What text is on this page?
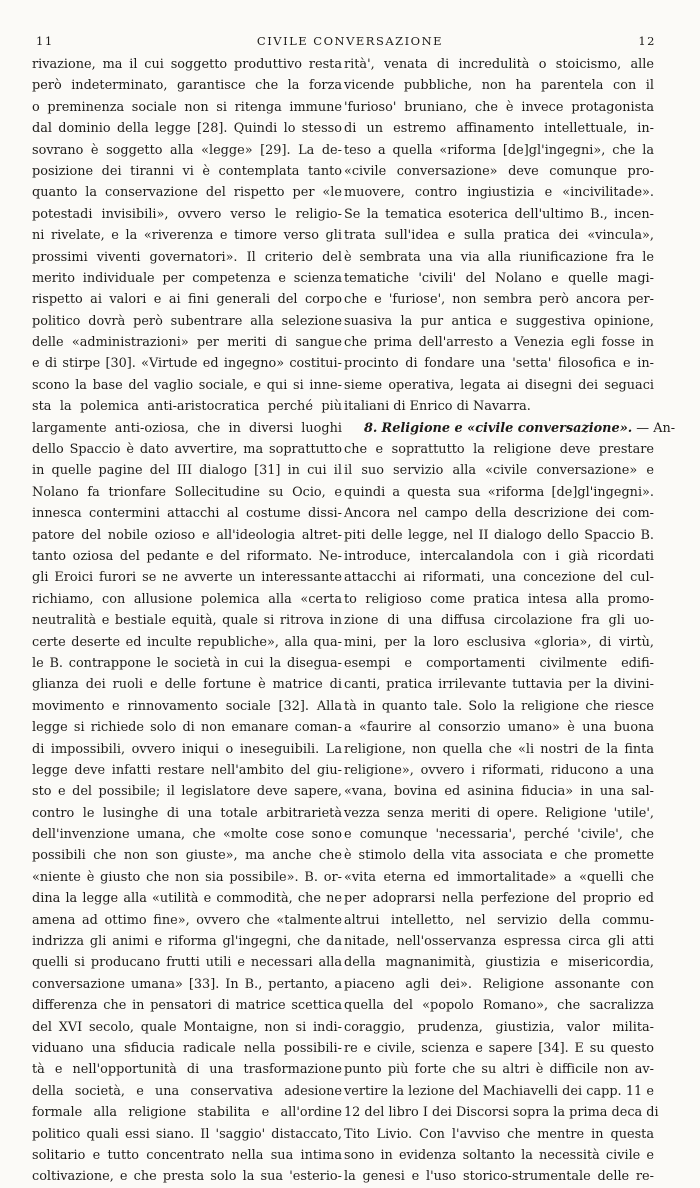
11	CIVILE CONVERSAZIONE	12
rivazione, ma il cui soggetto produttivo resta
però indeterminato, garantisce che la forza
o preminenza sociale non si ritenga immune
dal dominio della legge [28]. Quindi lo stesso
sovrano è soggetto alla «legge» [29]. La de-
posizione dei tiranni vi è contemplata tanto
quanto la conservazione del rispetto per «le
potestadi invisibili», ovvero verso le religio-
ni rivelate, e la «riverenza e timore verso gli
prossimi viventi governatori». Il criterio del
merito individuale per competenza e scienza
rispetto ai valori e ai fini generali del corpo
politico dovrà però subentrare alla selezione
delle «administrazioni» per meriti di sangue
e di stirpe [30]. «Virtude ed ingegno» costitui-
scono la base del vaglio sociale, e qui si inne-
sta la polemica anti-aristocratica perché più
largamente anti-oziosa, che in diversi luoghi
dello Spaccio è dato avvertire, ma soprattutto
in quelle pagine del III dialogo [31] in cui il
Nolano fa trionfare Sollecitudine su Ocio, e
innesca contermini attacchi al costume dissi-
patore del nobile ozioso e all'ideologia altret-
tanto oziosa del pedante e del riformato. Ne-
gli Eroici furori se ne avverte un interessante
richiamo, con allusione polemica alla «certa
neutralità e bestiale equità, quale si ritrova in
certe deserte ed inculte republiche», alla qua-
le B. contrappone le società in cui la disegua-
glianza dei ruoli e delle fortune è matrice di
movimento e rinnovamento sociale [32]. Alla
legge si richiede solo di non emanare coman-
di impossibili, ovvero iniqui o ineseguibili. La
legge deve infatti restare nell'ambito del giu-
sto e del possibile; il legislatore deve sapere,
contro le lusinghe di una totale arbitrarietà
dell'invenzione umana, che «molte cose sono
possibili che non son giuste», ma anche che
«niente è giusto che non sia possibile». B. or-
dina la legge alla «utilità e commodità, che ne
amena ad ottimo fine», ovvero che «talmente
indrizza gli animi e riforma gl'ingegni, che da
quelli si producano frutti utili e necessari alla
conversazione umana» [33]. In B., pertanto, a
differenza che in pensatori di matrice scettica
del XVI secolo, quale Montaigne, non si indi-
viduano una sfiducia radicale nella possibili-
tà e nell'opportunità di una trasformazione
della società, e una conservativa adesione
formale alla religione stabilita e all'ordine
politico quali essi siano. Il 'saggio' distaccato,
solitario e tutto concentrato nella sua intima
coltivazione, e che presta solo la sua 'esterio-
rità', venata di incredulità o stoicismo, alle
vicende pubbliche, non ha parentela con il
'furioso' bruniano, che è invece protagonista
di un estremo affinamento intellettuale, in-
teso a quella «riforma [de]gl'ingegni», che la
«civile conversazione» deve comunque pro-
muovere, contro ingiustizia e «incivilitade».
Se la tematica esoterica dell'ultimo B., incen-
trata sull'idea e sulla pratica dei «vincula»,
è sembrata una via alla riunificazione fra le
tematiche 'civili' del Nolano e quelle magi-
che e 'furiose', non sembra però ancora per-
suasiva la pur antica e suggestiva opinione,
che prima dell'arresto a Venezia egli fosse in
procinto di fondare una 'setta' filosofica e in-
sieme operativa, legata ai disegni dei seguaci
italiani di Enrico di Navarra.
8. Religione e «civile conversazione». — An-
che e soprattutto la religione deve prestare
il suo servizio alla «civile conversazione» e
quindi a questa sua «riforma [de]gl'ingegni».
Ancora nel campo della descrizione dei com-
piti delle legge, nel II dialogo dello Spaccio B.
introduce, intercalandola con i già ricordati
attacchi ai riformati, una concezione del cul-
to religioso come pratica intesa alla promo-
zione di una diffusa circolazione fra gli uo-
mini, per la loro esclusiva «gloria», di virtù,
esempi e comportamenti civilmente edifi-
canti, pratica irrilevante tuttavia per la divini-
tà in quanto tale. Solo la religione che riesce
a «faurire al consorzio umano» è una buona
religione, non quella che «li nostri de la finta
religione», ovvero i riformati, riducono a una
«vana, bovina ed asinina fiducia» in una sal-
vezza senza meriti di opere. Religione 'utile',
e comunque 'necessaria', perché 'civile', che
è stimolo della vita associata e che promette
«vita eterna ed immortalitade» a «quelli che
per adoprarsi nella perfezione del proprio ed
altrui intelletto, nel servizio della commu-
nitade, nell'osservanza espressa circa gli atti
della magnanimità, giustizia e misericordia,
piaceno agli dei». Religione assonante con
quella del «popolo Romano», che sacralizza
coraggio, prudenza, giustizia, valor milita-
re e civile, scienza e sapere [34]. E su questo
punto più forte che su altri è difficile non av-
vertire la lezione del Machiavelli dei capp. 11 e
12 del libro I dei Discorsi sopra la prima deca di
Tito Livio. Con l'avviso che mentre in questa
sono in evidenza soltanto la necessità civile e
la genesi e l'uso storico-strumentale delle re-
